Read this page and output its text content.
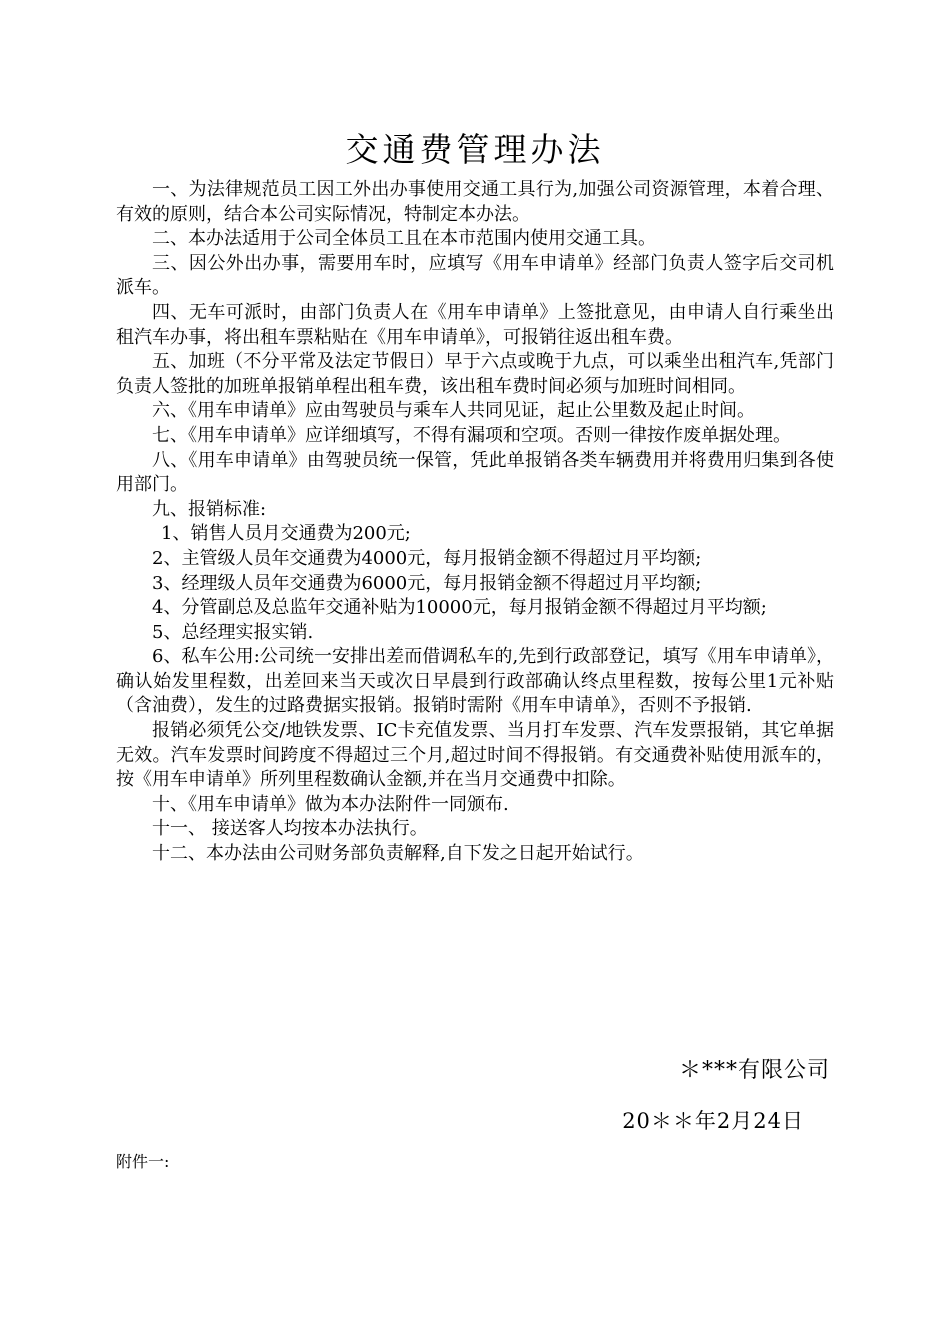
交通费管理办法

一、为法律规范员工因工外出办事使用交通工具行为,加强公司资源管理，本着合理、有效的原则，结合本公司实际情况，特制定本办法。

二、本办法适用于公司全体员工且在本市范围内使用交通工具。

三、因公外出办事，需要用车时，应填写《用车申请单》经部门负责人签字后交司机派车。

四、无车可派时，由部门负责人在《用车申请单》上签批意见，由申请人自行乘坐出租汽车办事，将出租车票粘贴在《用车申请单》，可报销往返出租车费。

五、加班（不分平常及法定节假日）早于六点或晚于九点，可以乘坐出租汽车,凭部门负责人签批的加班单报销单程出租车费，该出租车费时间必须与加班时间相同。

六、《用车申请单》应由驾驶员与乘车人共同见证，起止公里数及起止时间。

七、《用车申请单》应详细填写，不得有漏项和空项。否则一律按作废单据处理。

八、《用车申请单》由驾驶员统一保管，凭此单报销各类车辆费用并将费用归集到各使用部门。

九、报销标准:

1、销售人员月交通费为200元;

2、主管级人员年交通费为4000元，每月报销金额不得超过月平均额;

3、经理级人员年交通费为6000元，每月报销金额不得超过月平均额;

4、分管副总及总监年交通补贴为10000元，每月报销金额不得超过月平均额;

5、总经理实报实销.

6、私车公用:公司统一安排出差而借调私车的,先到行政部登记，填写《用车申请单》，确认始发里程数，出差回来当天或次日早晨到行政部确认终点里程数，按每公里1元补贴（含油费），发生的过路费据实报销。报销时需附《用车申请单》，否则不予报销.

报销必须凭公交/地铁发票、IC卡充值发票、当月打车发票、汽车发票报销，其它单据无效。汽车发票时间跨度不得超过三个月,超过时间不得报销。有交通费补贴使用派车的，按《用车申请单》所列里程数确认金额,并在当月交通费中扣除。

十、《用车申请单》做为本办法附件一同颁布.

十一、 接送客人均按本办法执行。

十二、本办法由公司财务部负责解释,自下发之日起开始试行。

＊***有限公司
20＊＊年2月24日
附件一:
